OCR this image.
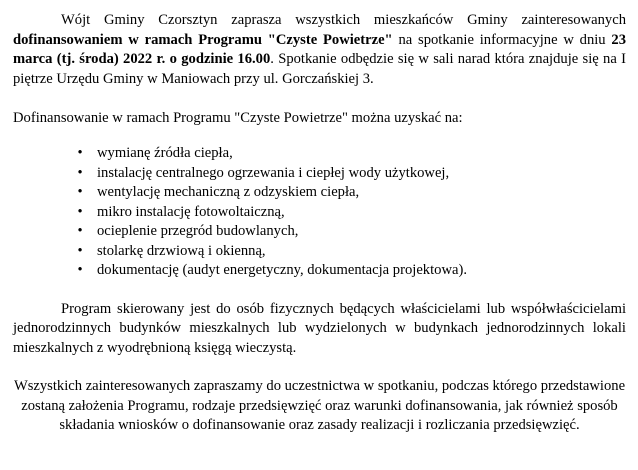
Wójt Gminy Czorsztyn zaprasza wszystkich mieszkańców Gminy zainteresowanych dofinansowaniem w ramach Programu "Czyste Powietrze" na spotkanie informacyjne w dniu 23 marca (tj. środa) 2022 r. o godzinie 16.00. Spotkanie odbędzie się w sali narad która znajduje się na I piętrze Urzędu Gminy w Maniowach przy ul. Gorczańskiej 3.

Dofinansowanie w ramach Programu "Czyste Powietrze" można uzyskać na:

• wymianę źródła ciepła,
• instalację centralnego ogrzewania i ciepłej wody użytkowej,
• wentylację mechaniczną z odzyskiem ciepła,
• mikro instalację fotowoltaiczną,
• ocieplenie przegród budowlanych,
• stolarkę drzwiową i okienną,
• dokumentację (audyt energetyczny, dokumentacja projektowa).

Program skierowany jest do osób fizycznych będących właścicielami lub współwłaścicielami jednorodzinnych budynków mieszkalnych lub wydzielonych w budynkach jednorodzinnych lokali mieszkalnych z wyodrębnioną księgą wieczystą.

Wszystkich zainteresowanych zapraszamy do uczestnictwa w spotkaniu, podczas którego przedstawione zostaną założenia Programu, rodzaje przedsięwzięć oraz warunki dofinansowania, jak również sposób składania wniosków o dofinansowanie oraz zasady realizacji i rozliczania przedsięwzięć.
